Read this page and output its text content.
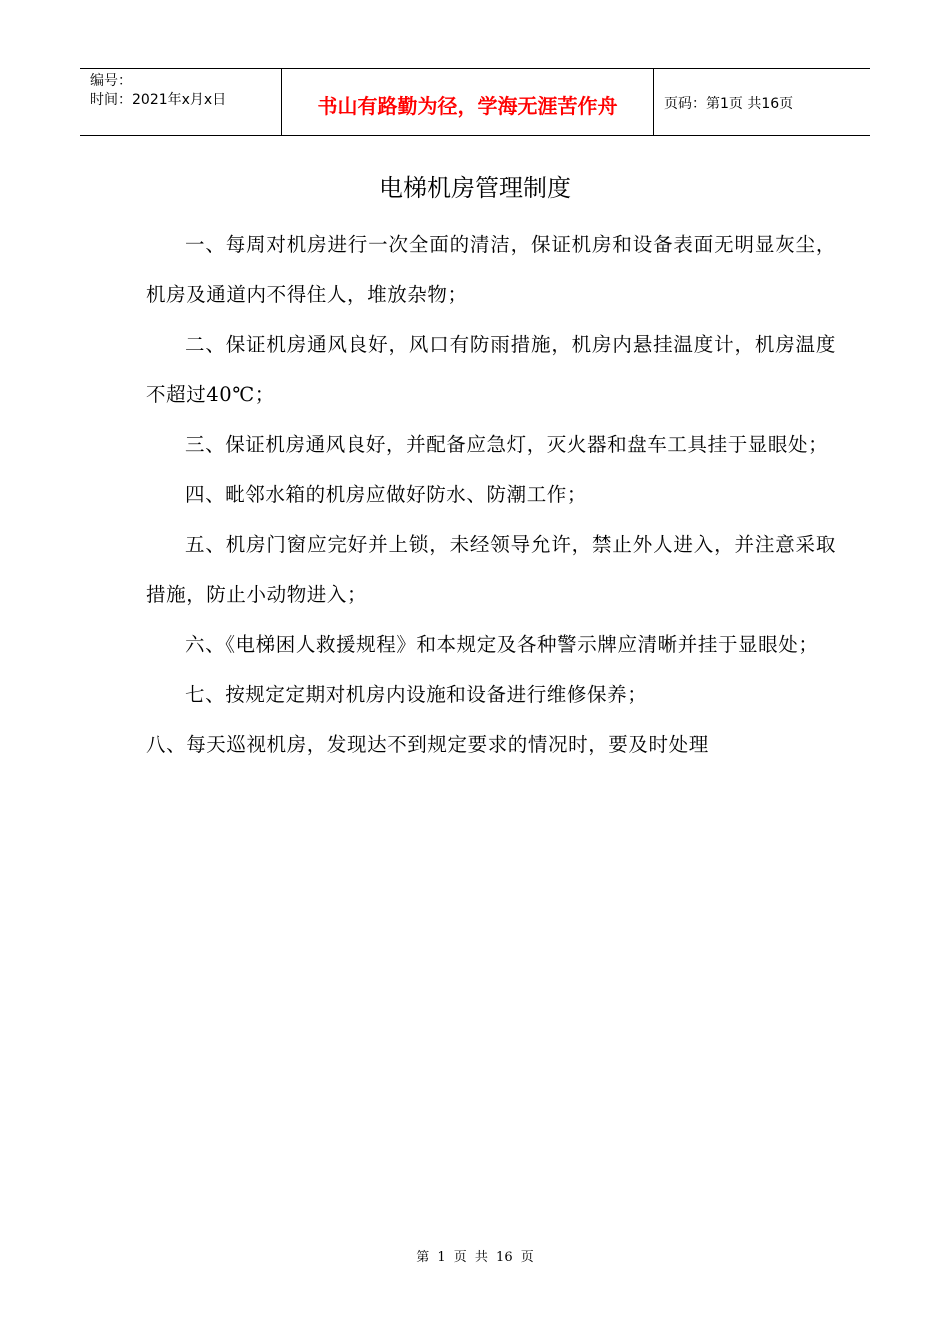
编号：
时间：2021年x月x日	书山有路勤为径，学海无涯苦作舟	页码：第1页 共16页
电梯机房管理制度

一、每周对机房进行一次全面的清洁，保证机房和设备表面无明显灰尘，机房及通道内不得住人，堆放杂物；

二、保证机房通风良好，风口有防雨措施，机房内悬挂温度计，机房温度不超过40℃；

三、保证机房通风良好，并配备应急灯，灭火器和盘车工具挂于显眼处；

四、毗邻水箱的机房应做好防水、防潮工作；

五、机房门窗应完好并上锁，未经领导允许，禁止外人进入，并注意采取措施，防止小动物进入；

六、《电梯困人救援规程》和本规定及各种警示牌应清晰并挂于显眼处；

七、按规定定期对机房内设施和设备进行维修保养；

八、每天巡视机房，发现达不到规定要求的情况时，要及时处理

第 1 页 共 16 页
